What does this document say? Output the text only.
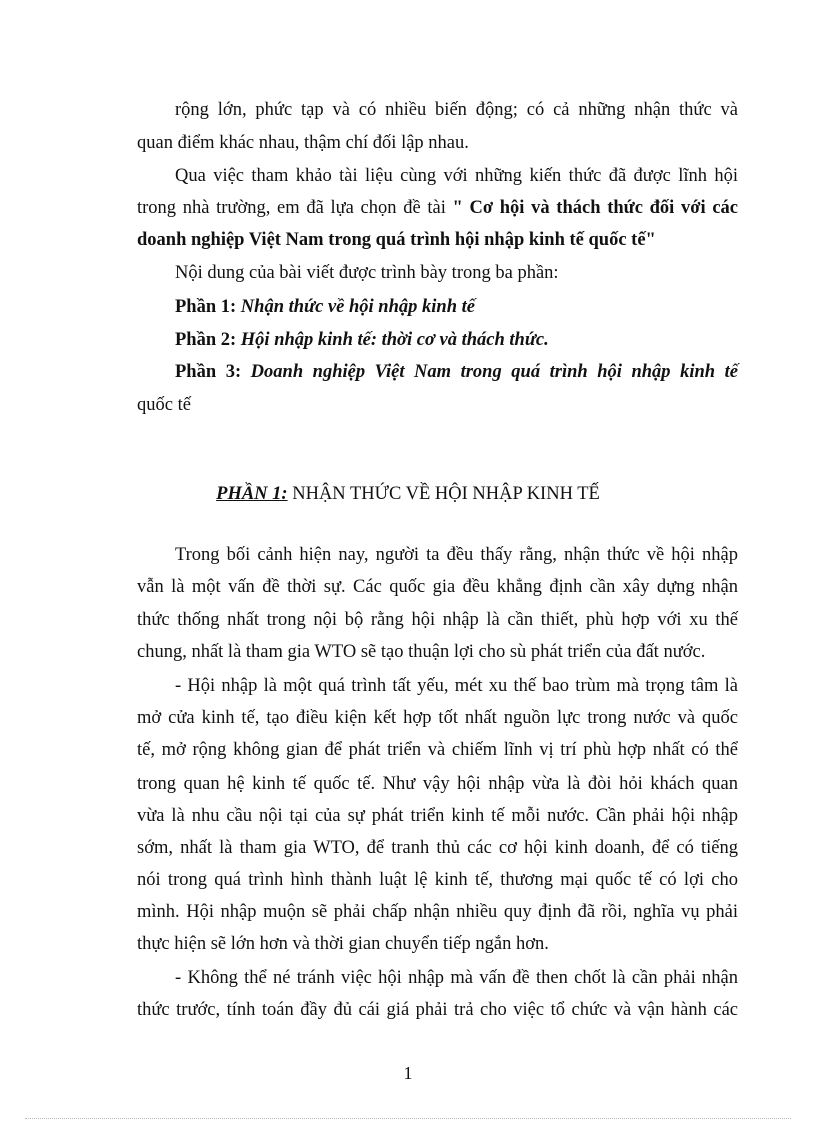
rộng lớn, phức tạp và có nhiều biến động; có cả những nhận thức và
quan điểm khác nhau, thậm chí đối lập nhau.
Qua việc tham khảo tài liệu cùng với những kiến thức đã được lĩnh hội
trong nhà trường, em đã lựa chọn đề tài " Cơ hội và thách thức đối với các
doanh nghiệp Việt Nam trong quá trình hội nhập kinh tế quốc tế"
Nội dung của bài viết được trình bày trong ba phần:
Phần 1: Nhận thức về hội nhập kinh tế
Phần 2: Hội nhập kinh tế: thời cơ và thách thức.
Phần 3: Doanh nghiệp Việt Nam trong quá trình hội nhập kinh tế
quốc tế
PHẦN 1: NHẬN THỨC VỀ HỘI NHẬP KINH TẾ
Trong bối cảnh hiện nay, người ta đều thấy rằng, nhận thức về hội nhập
vẫn là một vấn đề thời sự. Các quốc gia đều khẳng định cần xây dựng nhận
thức thống nhất trong nội bộ rằng hội nhập là cần thiết, phù hợp với xu thế
chung, nhất là tham gia WTO sẽ tạo thuận lợi cho sù phát triển của đất nước.
- Hội nhập là một quá trình tất yếu, mét xu thế bao trùm mà trọng tâm là
mở cửa kinh tế, tạo điều kiện kết hợp tốt nhất nguồn lực trong nước và quốc
tế, mở rộng không gian để phát triển và chiếm lĩnh vị trí phù hợp nhất có thể
trong quan hệ kinh tế quốc tế. Như vậy hội nhập vừa là đòi hỏi khách quan
vừa là nhu cầu nội tại của sự phát triển kinh tế mỗi nước. Cần phải hội nhập
sớm, nhất là tham gia WTO, để tranh thủ các cơ hội kinh doanh, để có tiếng
nói trong quá trình hình thành luật lệ kinh tế, thương mại quốc tế có lợi cho
mình. Hội nhập muộn sẽ phải chấp nhận nhiều quy định đã rồi, nghĩa vụ phải
thực hiện sẽ lớn hơn và thời gian chuyển tiếp ngắn hơn.
- Không thể né tránh việc hội nhập mà vấn đề then chốt là cần phải nhận
thức trước, tính toán đầy đủ cái giá phải trả cho việc tổ chức và vận hành các
1
